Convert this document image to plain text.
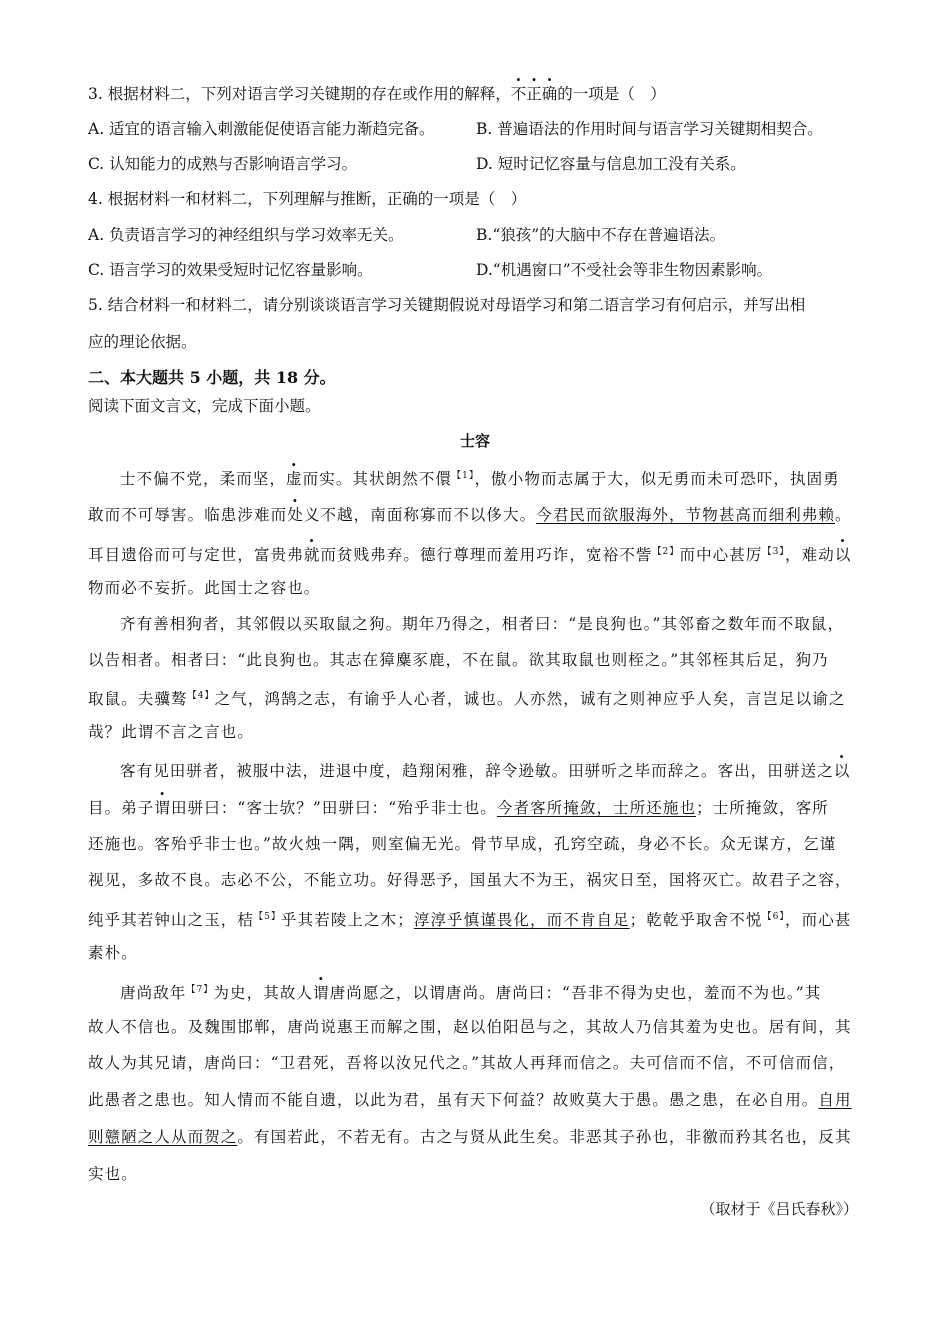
3. 根据材料二，下列对语言学习关键期的存在或作用的解释，不正确的一项是（　）
A. 适宜的语言输入刺激能促使语言能力渐趋完备。	B. 普遍语法的作用时间与语言学习关键期相契合。
C. 认知能力的成熟与否影响语言学习。	D. 短时记忆容量与信息加工没有关系。
4. 根据材料一和材料二，下列理解与推断，正确的一项是（　）
A. 负责语言学习的神经组织与学习效率无关。	B.“狼孩”的大脑中不存在普遍语法。
C. 语言学习的效果受短时记忆容量影响。	D.“机遇窗口”不受社会等非生物因素影响。
5. 结合材料一和材料二，请分别谈谈语言学习关键期假说对母语学习和第二语言学习有何启示，并写出相
应的理论依据。
二、本大题共 5 小题，共 18 分。
阅读下面文言文，完成下面小题。
士容
士不偏不党，柔而坚，虚而实。其状朗然不儇$^{【1】}$，傲小物而志属于大，似无勇而未可恐吓，执固勇
敢而不可辱害。临患涉难而处义不越，南面称寡而不以侈大。今君民而欲服海外，节物甚高而细利弗赖。
耳目遗俗而可与定世，富贵弗就而贫贱弗弃。德行尊理而羞用巧诈，宽裕不訾$^{【2】}$而中心甚厉$^{【3】}$，难动以
物而必不妄折。此国士之容也。
齐有善相狗者，其邻假以买取鼠之狗。期年乃得之，相者曰：“是良狗也。”其邻畜之数年而不取鼠，
以告相者。相者曰：“此良狗也。其志在獐麋豕鹿，不在鼠。欲其取鼠也则桎之。”其邻桎其后足，狗乃
取鼠。夫骥骜$^{【4】}$之气，鸿鹄之志，有谕乎人心者，诚也。人亦然，诚有之则神应乎人矣，言岂足以谕之
哉？此谓不言之言也。
客有见田骈者，被服中法，进退中度，趋翔闲雅，辞令逊敏。田骈听之毕而辞之。客出，田骈送之以
目。弟子谓田骈曰：“客士欤？”田骈曰：“殆乎非士也。今者客所掩敛，士所还施也；士所掩敛，客所
还施也。客殆乎非士也。”故火烛一隅，则室偏无光。骨节早成，孔窍空疏，身必不长。众无谋方，乞谨
视见，多故不良。志必不公，不能立功。好得恶予，国虽大不为王，祸灾日至，国将灭亡。故君子之容，
纯乎其若钟山之玉，桔$^{【5】}$乎其若陵上之木；淳淳乎慎谨畏化，而不肯自足；乾乾乎取舍不悦$^{【6】}$，而心甚
素朴。
唐尚敌年$^{【7】}$为史，其故人谓唐尚愿之，以谓唐尚。唐尚曰：“吾非不得为史也，羞而不为也。”其
故人不信也。及魏围邯郸，唐尚说惠王而解之围，赵以伯阳邑与之，其故人乃信其羞为史也。居有间，其
故人为其兄请，唐尚曰：“卫君死，吾将以汝兄代之。”其故人再拜而信之。夫可信而不信，不可信而信，
此愚者之患也。知人情而不能自遗，以此为君，虽有天下何益？故败莫大于愚。愚之患，在必自用。自用
则戆陋之人从而贺之。有国若此，不若无有。古之与贤从此生矣。非恶其子孙也，非徼而矜其名也，反其
实也。
（取材于《吕氏春秋》）
